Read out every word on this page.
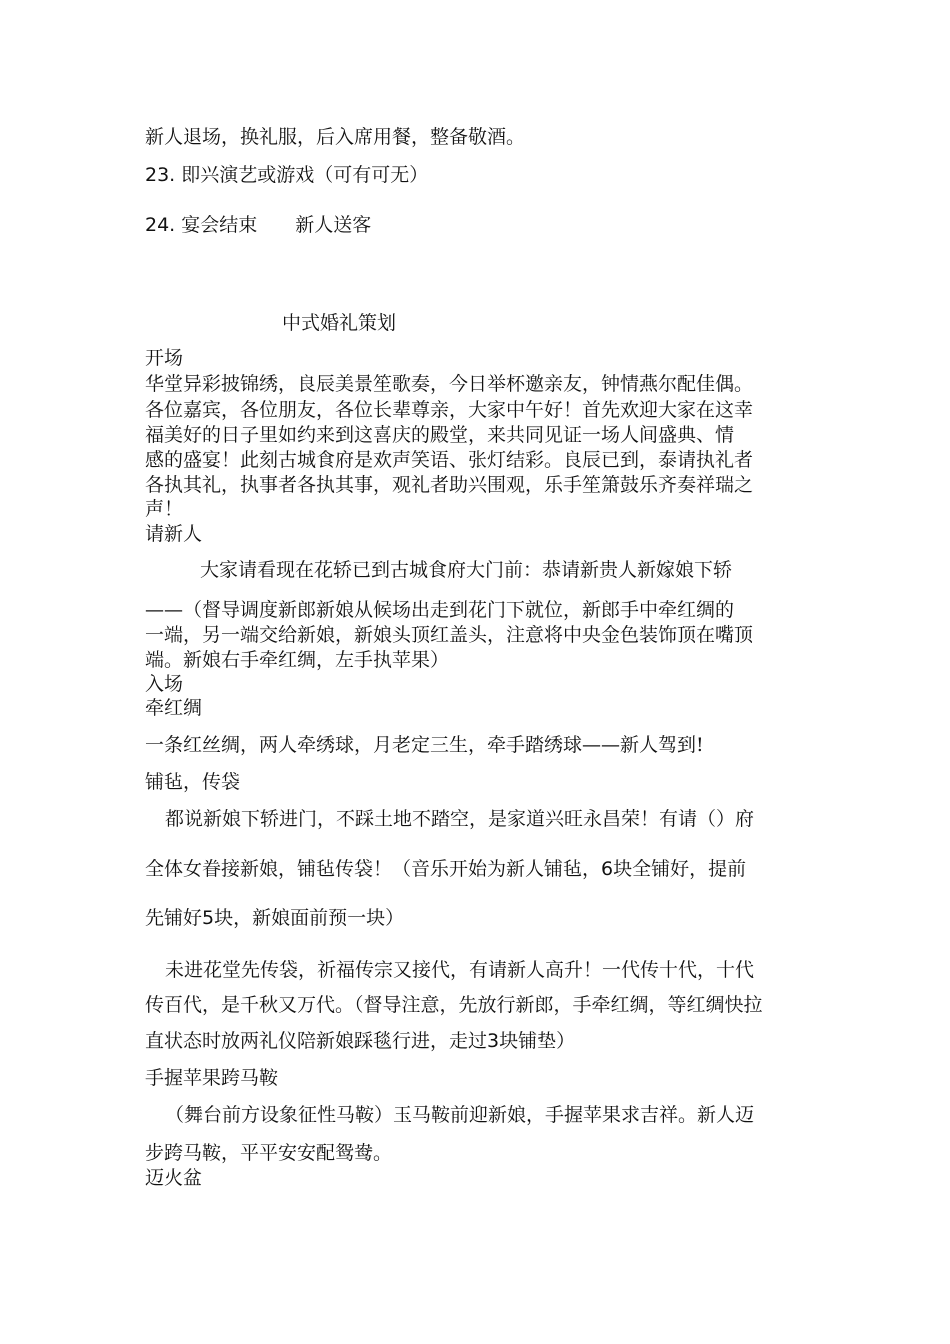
新人退场，换礼服，后入席用餐，整备敬酒。
23. 即兴演艺或游戏（可有可无）
24. 宴会结束　　新人送客
中式婚礼策划
开场
华堂异彩披锦绣，良辰美景笙歌奏，今日举杯邀亲友，钟情燕尔配佳偶。
各位嘉宾，各位朋友，各位长辈尊亲，大家中午好！首先欢迎大家在这幸
福美好的日子里如约来到这喜庆的殿堂，来共同见证一场人间盛典、情
感的盛宴！此刻古城食府是欢声笑语、张灯结彩。良辰已到，泰请执礼者
各执其礼，执事者各执其事，观礼者助兴围观，乐手笙箫鼓乐齐奏祥瑞之
声！
请新人
大家请看现在花轿已到古城食府大门前：恭请新贵人新嫁娘下轿
——（督导调度新郎新娘从候场出走到花门下就位，新郎手中牵红绸的
一端，另一端交给新娘，新娘头顶红盖头，注意将中央金色装饰顶在嘴顶
端。新娘右手牵红绸，左手执苹果）
入场
牵红绸
一条红丝绸，两人牵绣球，月老定三生，牵手踏绣球——新人驾到!
铺毡，传袋
都说新娘下轿进门，不踩土地不踏空，是家道兴旺永昌荣！有请（）府
全体女眷接新娘，铺毡传袋！（音乐开始为新人铺毡，6块全铺好，提前
先铺好5块，新娘面前预一块）
未进花堂先传袋，祈福传宗又接代，有请新人高升！一代传十代，十代
传百代，是千秋又万代。（督导注意，先放行新郎，手牵红绸，等红绸快拉
直状态时放两礼仪陪新娘踩毯行进，走过3块铺垫）
手握苹果跨马鞍
（舞台前方设象征性马鞍）玉马鞍前迎新娘，手握苹果求吉祥。新人迈
步跨马鞍，平平安安配鸳鸯。
迈火盆
